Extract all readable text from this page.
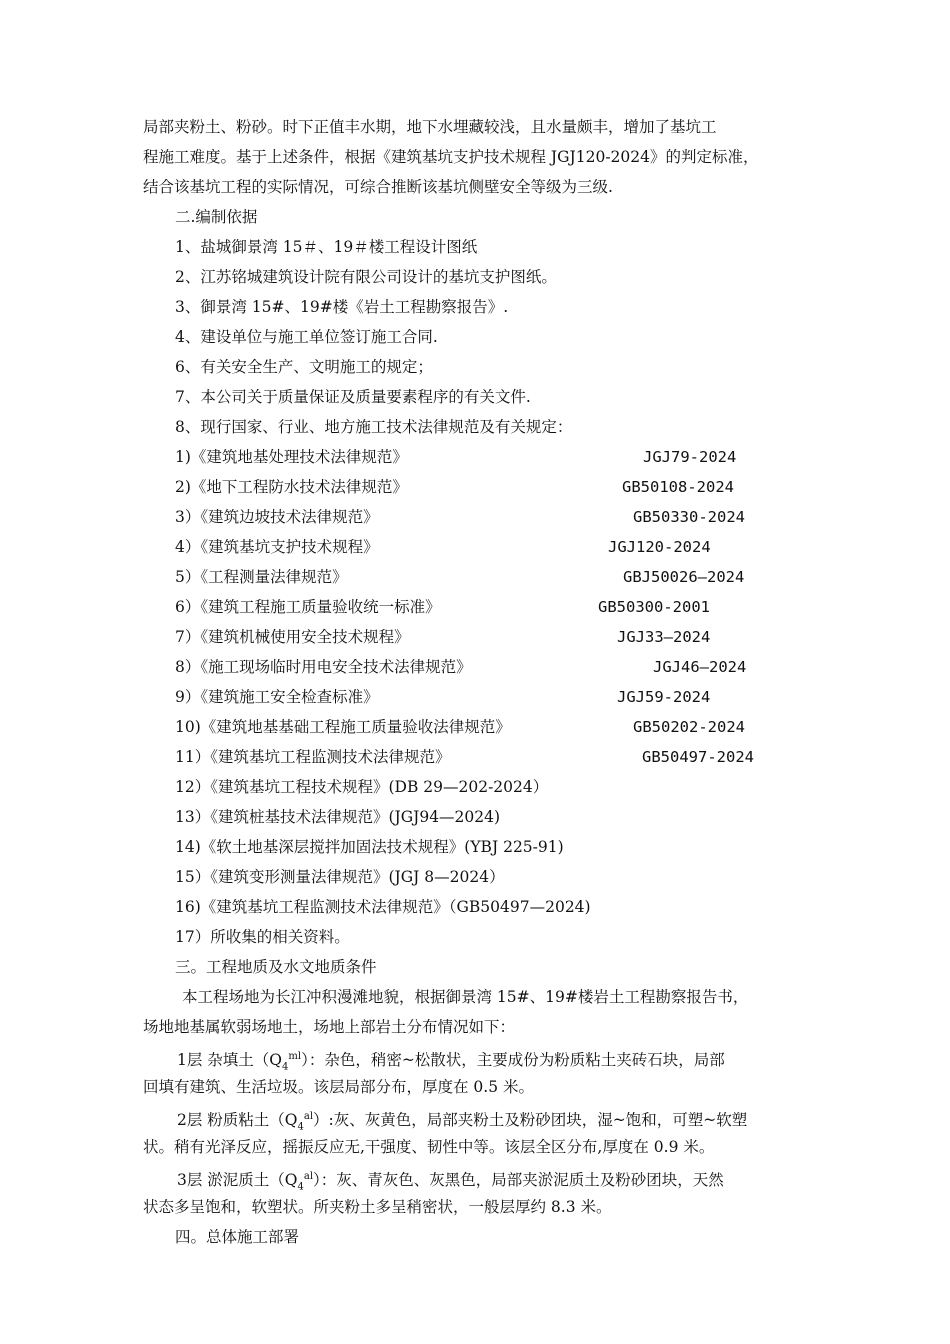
局部夹粉土、粉砂。时下正值丰水期，地下水埋藏较浅，且水量颇丰，增加了基坑工
程施工难度。基于上述条件，根据《建筑基坑支护技术规程 JGJ120-2024》的判定标准，
结合该基坑工程的实际情况，可综合推断该基坑侧壁安全等级为三级.
二.编制依据
1、盐城御景湾 15＃、19＃楼工程设计图纸
2、江苏铭城建筑设计院有限公司设计的基坑支护图纸。
3、御景湾 15#、19#楼《岩土工程勘察报告》.
4、建设单位与施工单位签订施工合同.
6、有关安全生产、文明施工的规定；
7、本公司关于质量保证及质量要素程序的有关文件.
8、现行国家、行业、地方施工技术法律规范及有关规定：
1)《建筑地基处理技术法律规范》	JGJ79-2024
2)《地下工程防水技术法律规范》	GB50108-2024
3）《建筑边坡技术法律规范》	GB50330-2024
4）《建筑基坑支护技术规程》	JGJ120-2024
5）《工程测量法律规范》	GBJ50026—2024
6）《建筑工程施工质量验收统一标准》	GB50300-2001
7）《建筑机械使用安全技术规程》	JGJ33—2024
8）《施工现场临时用电安全技术法律规范》	JGJ46—2024
9）《建筑施工安全检查标准》	JGJ59-2024
10)《建筑地基基础工程施工质量验收法律规范》	GB50202-2024
11）《建筑基坑工程监测技术法律规范》	GB50497-2024
12）《建筑基坑工程技术规程》(DB 29—202-2024）
13）《建筑桩基技术法律规范》(JGJ94—2024)
14)《软土地基深层搅拌加固法技术规程》(YBJ 225-91)
15）《建筑变形测量法律规范》(JGJ 8—2024）
16)《建筑基坑工程监测技术法律规范》（GB50497—2024)
17）所收集的相关资料。
三。工程地质及水文地质条件
本工程场地为长江冲积漫滩地貌，根据御景湾 15#、19#楼岩土工程勘察报告书，
场地地基属软弱场地土，场地上部岩土分布情况如下：
1层 杂填土$(Q_4^{ml})$：杂色，稍密~松散状，主要成份为粉质粘土夹砖石块，局部
回填有建筑、生活垃圾。该层局部分布，厚度在 0.5 米。
2层 粉质粘土$(Q_4^{al})$:灰、灰黄色，局部夹粉土及粉砂团块，湿~饱和，可塑~软塑
状。稍有光泽反应，摇振反应无,干强度、韧性中等。该层全区分布,厚度在 0.9 米。
3层 淤泥质土$(Q_4^{al})$：灰、青灰色、灰黑色，局部夹淤泥质土及粉砂团块，天然
状态多呈饱和，软塑状。所夹粉土多呈稍密状，一般层厚约 8.3 米。
四。总体施工部署
